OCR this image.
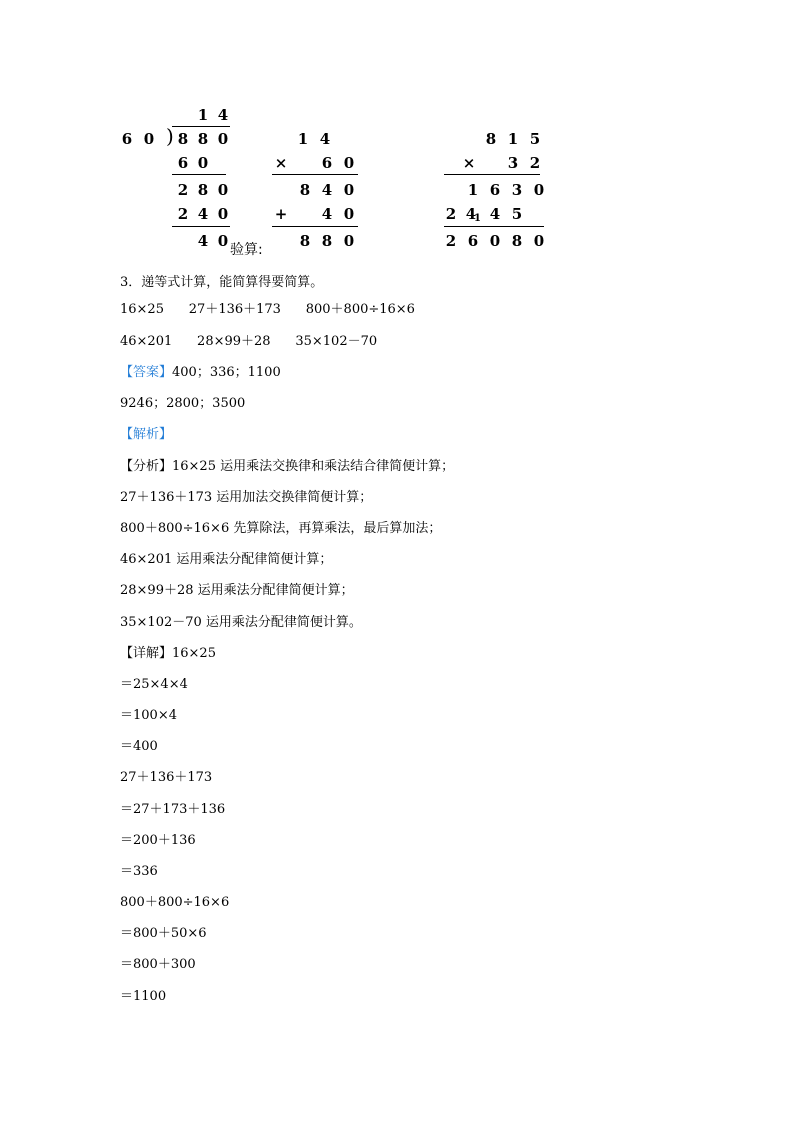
1 4
6 0 ) 8 8 0
6 0
2 8 0
2 4 0
4 0 验算:
1 4
× 6 0
8 4 0
+ 4 0
8 8 0
8 1 5
× 3 2
1 6 3 0
2 4 4 5
2 6 0 8 0
1
3．递等式计算，能简算得要简算。
16×25      27＋136＋173      800＋800÷16×6
46×201      28×99＋28      35×102－70
【答案】400；336；1100
9246；2800；3500
【解析】
【分析】16×25 运用乘法交换律和乘法结合律简便计算；
27＋136＋173 运用加法交换律简便计算；
800＋800÷16×6 先算除法，再算乘法，最后算加法；
46×201 运用乘法分配律简便计算；
28×99＋28 运用乘法分配律简便计算；
35×102－70 运用乘法分配律简便计算。
【详解】16×25
＝25×4×4
＝100×4
＝400
27＋136＋173
＝27＋173＋136
＝200＋136
＝336
800＋800÷16×6
＝800＋50×6
＝800＋300
＝1100
